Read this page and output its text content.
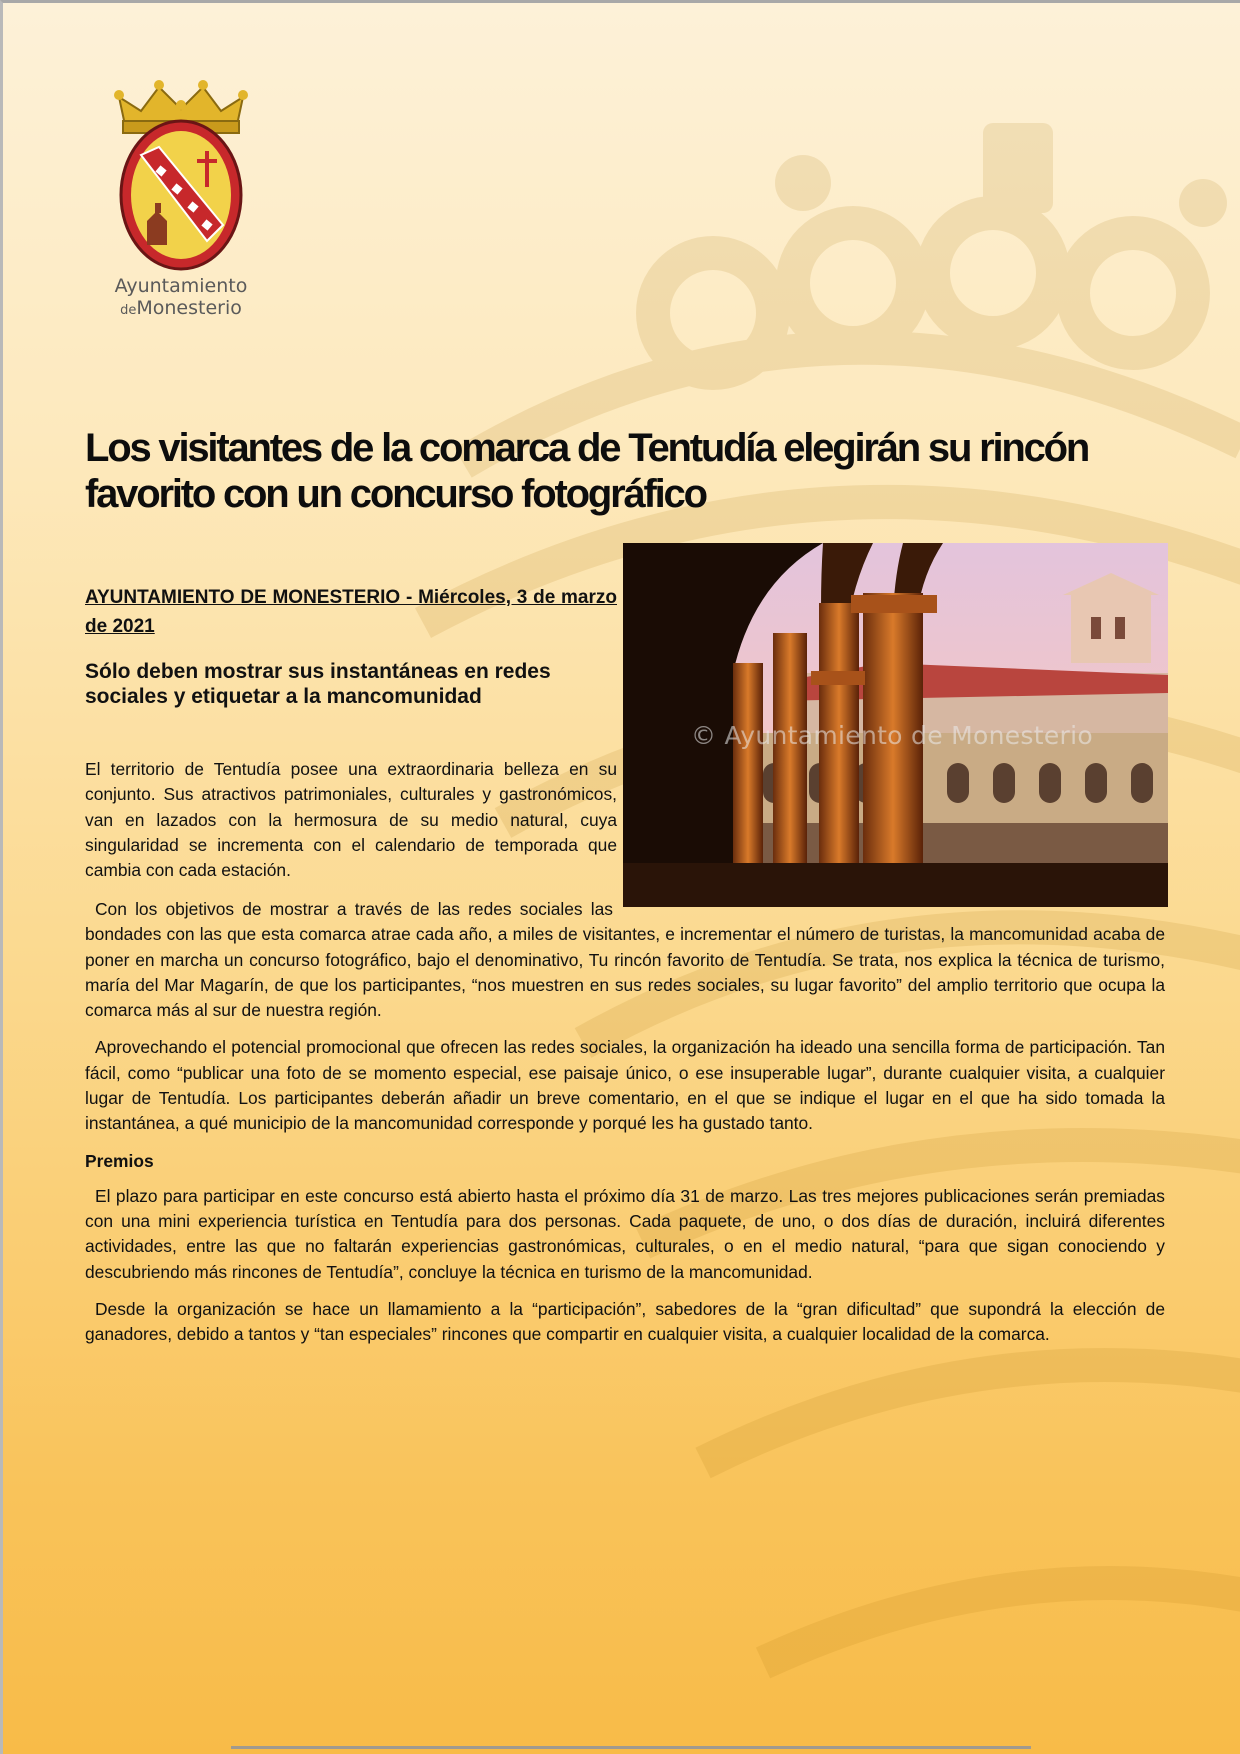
Ayuntamiento
deMonesterio
Los visitantes de la comarca de Tentudía elegirán su rincón favorito con un concurso fotográfico

AYUNTAMIENTO DE MONESTERIO - Miércoles, 3 de marzo de 2021

Sólo deben mostrar sus instantáneas en redes sociales y etiquetar a la mancomunidad
© Ayuntamiento de Monesterio

El territorio de Tentudía posee una extraordinaria belleza en su conjunto. Sus atractivos patrimoniales, culturales y gastronómicos, van en lazados con la hermosura de su medio natural, cuya singularidad se incrementa con el calendario de temporada que cambia con cada estación.

Con los objetivos de mostrar a través de las redes sociales las bondades con las que esta comarca atrae cada año, a miles de visitantes, e incrementar el número de turistas, la mancomunidad acaba de poner en marcha un concurso fotográfico, bajo el denominativo, Tu rincón favorito de Tentudía. Se trata, nos explica la técnica de turismo, maría del Mar Magarín, de que los participantes, “nos muestren en sus redes sociales, su lugar favorito” del amplio territorio que ocupa la comarca más al sur de nuestra región.

Aprovechando el potencial promocional que ofrecen las redes sociales, la organización ha ideado una sencilla forma de participación. Tan fácil, como “publicar una foto de se momento especial, ese paisaje único, o ese insuperable lugar”, durante cualquier visita, a cualquier lugar de Tentudía. Los participantes deberán añadir un breve comentario, en el que se indique el lugar en el que ha sido tomada la instantánea, a qué municipio de la mancomunidad corresponde y porqué les ha gustado tanto.

Premios

El plazo para participar en este concurso está abierto hasta el próximo día 31 de marzo. Las tres mejores publicaciones serán premiadas con una mini experiencia turística en Tentudía para dos personas. Cada paquete, de uno, o dos días de duración, incluirá diferentes actividades, entre las que no faltarán experiencias gastronómicas, culturales, o en el medio natural, “para que sigan conociendo y descubriendo más rincones de Tentudía”, concluye la técnica en turismo de la mancomunidad.

Desde la organización se hace un llamamiento a la “participación”, sabedores de la “gran dificultad” que supondrá la elección de ganadores, debido a tantos y “tan especiales” rincones que compartir en cualquier visita, a cualquier localidad de la comarca.
